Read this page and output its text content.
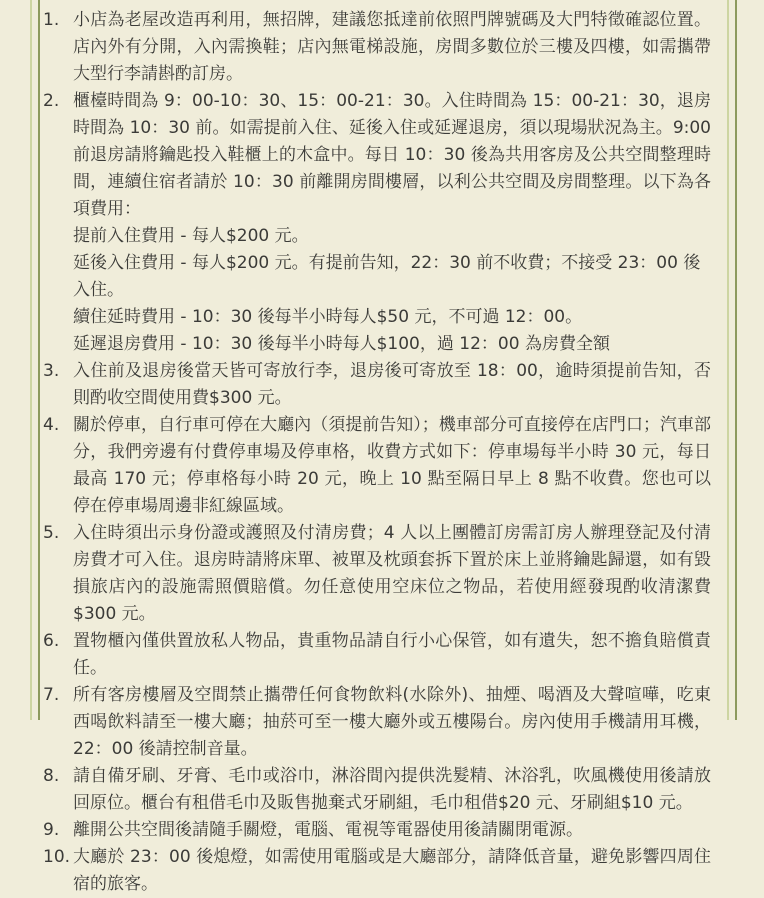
1. 小店為老屋改造再利用，無招牌，建議您抵達前依照門牌號碼及大門特徵確認位置。店內外有分開，入內需換鞋；店內無電梯設施，房間多數位於三樓及四樓，如需攜帶大型行李請斟酌訂房。
2. 櫃檯時間為 9：00-10：30、15：00-21：30。入住時間為 15：00-21：30，退房時間為 10：30 前。如需提前入住、延後入住或延遲退房，須以現場狀況為主。9:00 前退房請將鑰匙投入鞋櫃上的木盒中。每日 10：30 後為共用客房及公共空間整理時間，連續住宿者請於 10：30 前離開房間樓層，以利公共空間及房間整理。以下為各項費用：
提前入住費用 - 每人$200 元。
延後入住費用 - 每人$200 元。有提前告知，22：30 前不收費；不接受 23：00 後入住。
續住延時費用 - 10：30 後每半小時每人$50 元，不可過 12：00。
延遲退房費用 - 10：30 後每半小時每人$100，過 12：00 為房費全額
3. 入住前及退房後當天皆可寄放行李，退房後可寄放至 18：00，逾時須提前告知，否則酌收空間使用費$300 元。
4. 關於停車，自行車可停在大廳內（須提前告知）；機車部分可直接停在店門口；汽車部分，我們旁邊有付費停車場及停車格，收費方式如下：停車場每半小時 30 元，每日最高 170 元；停車格每小時 20 元，晚上 10 點至隔日早上 8 點不收費。您也可以停在停車場周邊非紅線區域。
5. 入住時須出示身份證或護照及付清房費；4 人以上團體訂房需訂房人辦理登記及付清房費才可入住。退房時請將床單、被單及枕頭套拆下置於床上並將鑰匙歸還，如有毀損旅店內的設施需照價賠償。勿任意使用空床位之物品，若使用經發現酌收清潔費$300 元。
6. 置物櫃內僅供置放私人物品，貴重物品請自行小心保管，如有遺失，恕不擔負賠償責任。
7. 所有客房樓層及空間禁止攜帶任何食物飲料(水除外)、抽煙、喝酒及大聲喧嘩，吃東西喝飲料請至一樓大廳；抽菸可至一樓大廳外或五樓陽台。房內使用手機請用耳機，22：00 後請控制音量。
8. 請自備牙刷、牙膏、毛巾或浴巾，淋浴間內提供洗髮精、沐浴乳，吹風機使用後請放回原位。櫃台有租借毛巾及販售拋棄式牙刷組，毛巾租借$20 元、牙刷組$10 元。
9. 離開公共空間後請隨手關燈，電腦、電視等電器使用後請關閉電源。
10. 大廳於 23：00 後熄燈，如需使用電腦或是大廳部分，請降低音量，避免影響四周住宿的旅客。
